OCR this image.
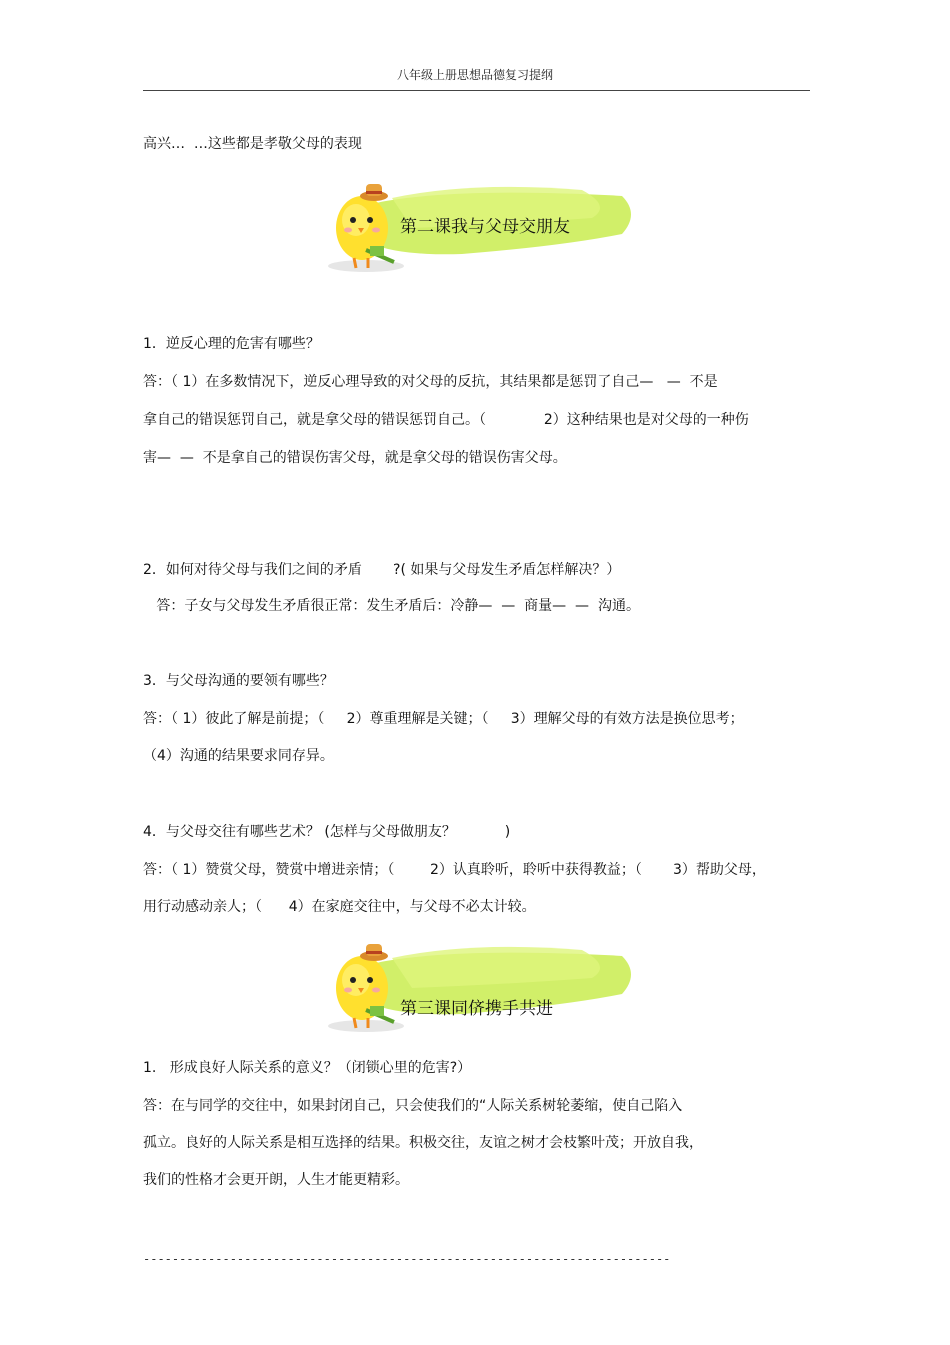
八年级上册思想品德复习提纲
高兴…  …这些都是孝敬父母的表现
第二课我与父母交朋友
1．逆反心理的危害有哪些？
答：（ 1）在多数情况下，逆反心理导致的对父母的反抗，其结果都是惩罚了自己—   —  不是
拿自己的错误惩罚自己，就是拿父母的错误惩罚自己。（             2）这种结果也是对父母的一种伤
害—  —  不是拿自己的错误伤害父母，就是拿父母的错误伤害父母。
2．如何对待父母与我们之间的矛盾       ?( 如果与父母发生矛盾怎样解决？）
答：子女与父母发生矛盾很正常：发生矛盾后：冷静—  —  商量—  —  沟通。
3．与父母沟通的要领有哪些？
答：（ 1）彼此了解是前提；（     2）尊重理解是关键；（     3）理解父母的有效方法是换位思考；
（4）沟通的结果要求同存异。
4．与父母交往有哪些艺术？ (怎样与父母做朋友？           )
答：（ 1）赞赏父母，赞赏中增进亲情；（        2）认真聆听，聆听中获得教益；（       3）帮助父母，
用行动感动亲人；（      4）在家庭交往中，与父母不必太计较。
第三课同侪携手共进
1.   形成良好人际关系的意义？（闭锁心里的危害?）
答：在与同学的交往中，如果封闭自己，只会使我们的“人际关系树轮萎缩，使自己陷入
孤立。良好的人际关系是相互选择的结果。积极交往，友谊之树才会枝繁叶茂；开放自我，
我们的性格才会更开朗，人生才能更精彩。
-------------------------------------------------------------------------
